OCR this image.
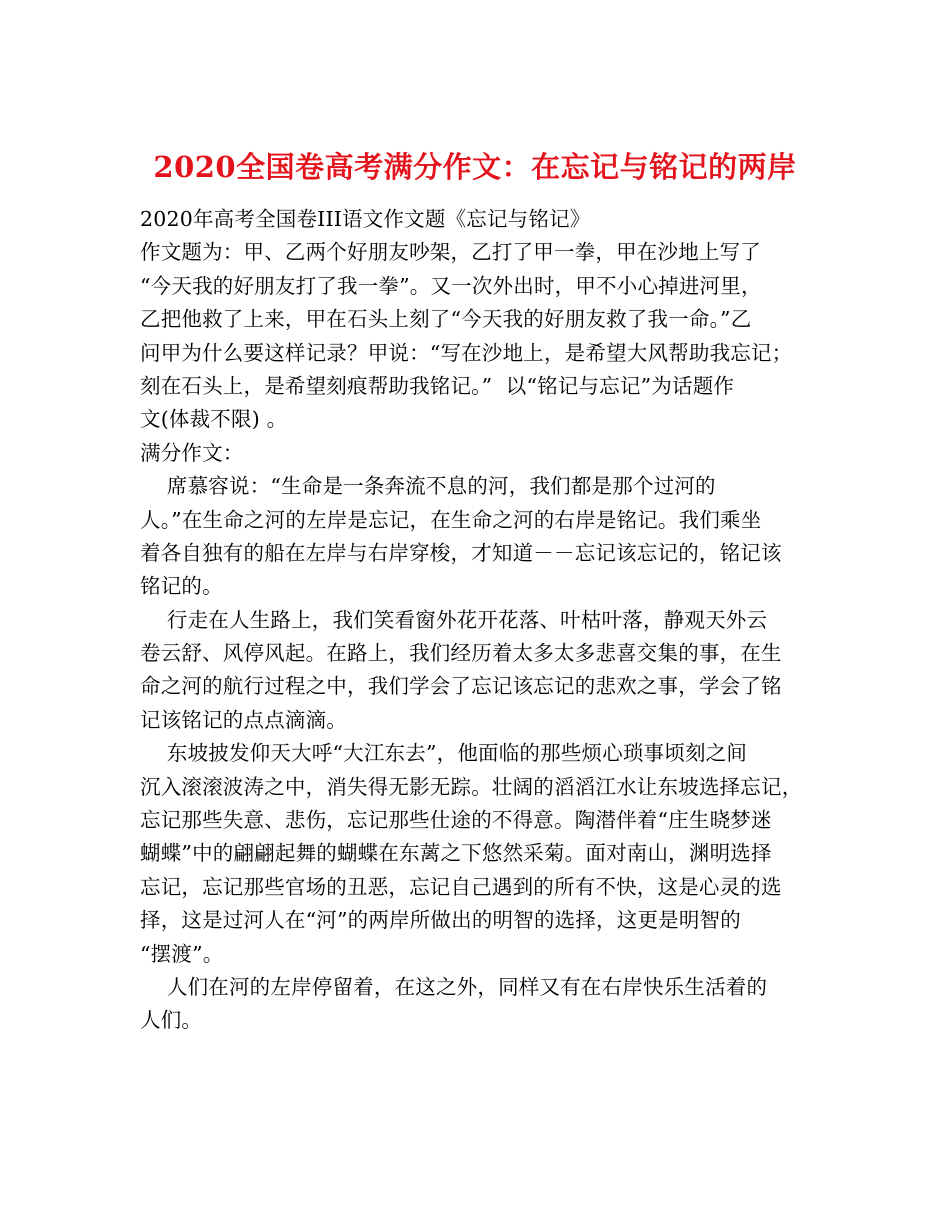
2020全国卷高考满分作文：在忘记与铭记的两岸
2020年高考全国卷III语文作文题《忘记与铭记》
作文题为：甲、乙两个好朋友吵架，乙打了甲一拳，甲在沙地上写了
“今天我的好朋友打了我一拳”。又一次外出时，甲不小心掉进河里，
乙把他救了上来，甲在石头上刻了“今天我的好朋友救了我一命。”乙
问甲为什么要这样记录？甲说：“写在沙地上，是希望大风帮助我忘记；
刻在石头上，是希望刻痕帮助我铭记。”  以“铭记与忘记”为话题作
文(体裁不限) 。
满分作文：
席慕容说：“生命是一条奔流不息的河，我们都是那个过河的
人。”在生命之河的左岸是忘记，在生命之河的右岸是铭记。我们乘坐
着各自独有的船在左岸与右岸穿梭，才知道－－忘记该忘记的，铭记该
铭记的。
行走在人生路上，我们笑看窗外花开花落、叶枯叶落，静观天外云
卷云舒、风停风起。在路上，我们经历着太多太多悲喜交集的事，在生
命之河的航行过程之中，我们学会了忘记该忘记的悲欢之事，学会了铭
记该铭记的点点滴滴。
东坡披发仰天大呼“大江东去”，他面临的那些烦心琐事顷刻之间
沉入滚滚波涛之中，消失得无影无踪。壮阔的滔滔江水让东坡选择忘记，
忘记那些失意、悲伤，忘记那些仕途的不得意。陶潜伴着“庄生晓梦迷
蝴蝶”中的翩翩起舞的蝴蝶在东蓠之下悠然采菊。面对南山，渊明选择
忘记，忘记那些官场的丑恶，忘记自己遇到的所有不快，这是心灵的选
择，这是过河人在“河”的两岸所做出的明智的选择，这更是明智的
“摆渡”。
人们在河的左岸停留着，在这之外，同样又有在右岸快乐生活着的
人们。
